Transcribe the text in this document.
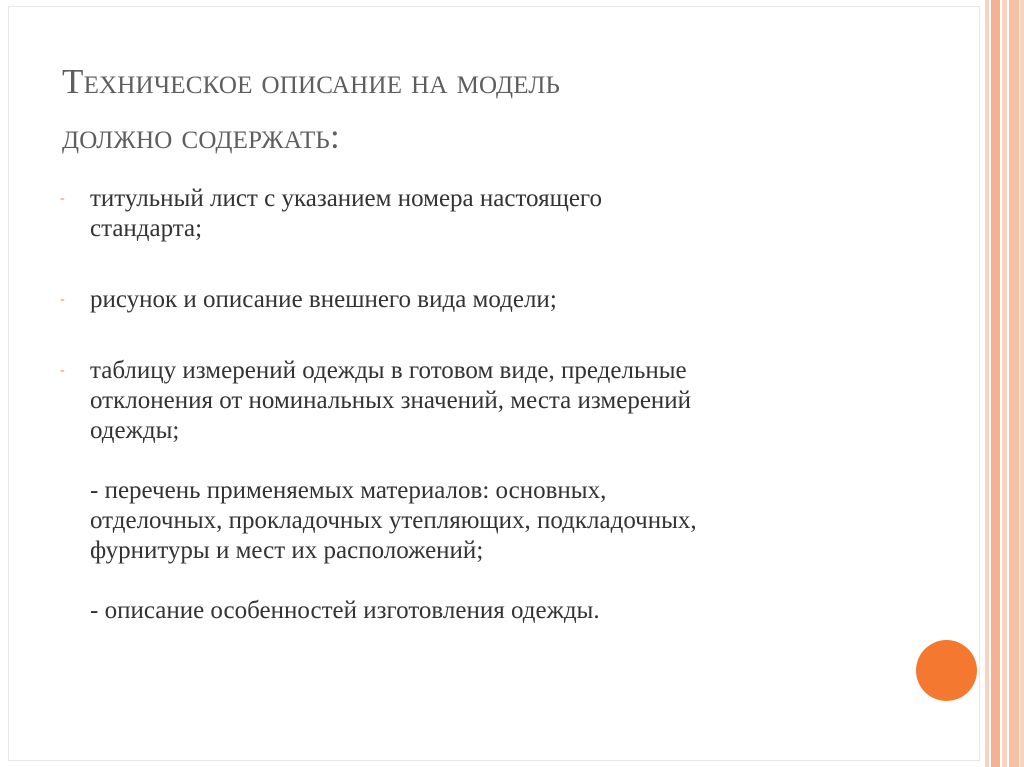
Техническое описание на модель
должно содержать:
- титульный лист с указанием номера настоящего
стандарта;
- рисунок и описание внешнего вида модели;
- таблицу измерений одежды в готовом виде, предельные
отклонения от номинальных значений, места измерений
одежды;
- перечень применяемых материалов: основных,
отделочных, прокладочных утепляющих, подкладочных,
фурнитуры и мест их расположений;
- описание особенностей изготовления одежды.
